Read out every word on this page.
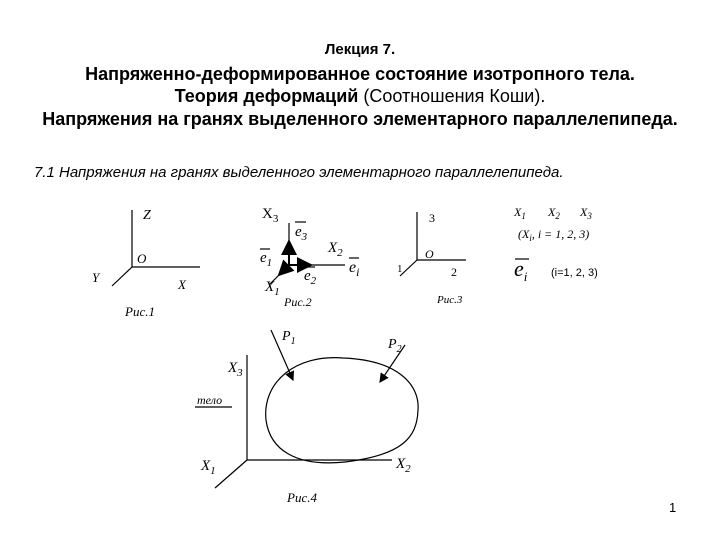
Лекция 7.
Напряженно-деформированное состояние изотропного тела.
Теория деформаций (Соотношения Коши).
Напряжения на гранях выделенного элементарного параллелепипеда.
7.1 Напряжения на гранях выделенного элементарного параллелепипеда.
Z
O
Y	X
Рис.1
$X_3$
$e_3$
$X_2$
$e_1$
$e_2$
$e_i$
$X_1$
Рис.2
3
O
1	2
Рис.3
$X_1$ $X_2$ $X_3$
($X_i$, i = 1, 2, 3)
$e_i$ (i=1, 2, 3)
$P_1$	$P_2$
$X_3$
тело
$X_1$	$X_2$
Рис.4
1
